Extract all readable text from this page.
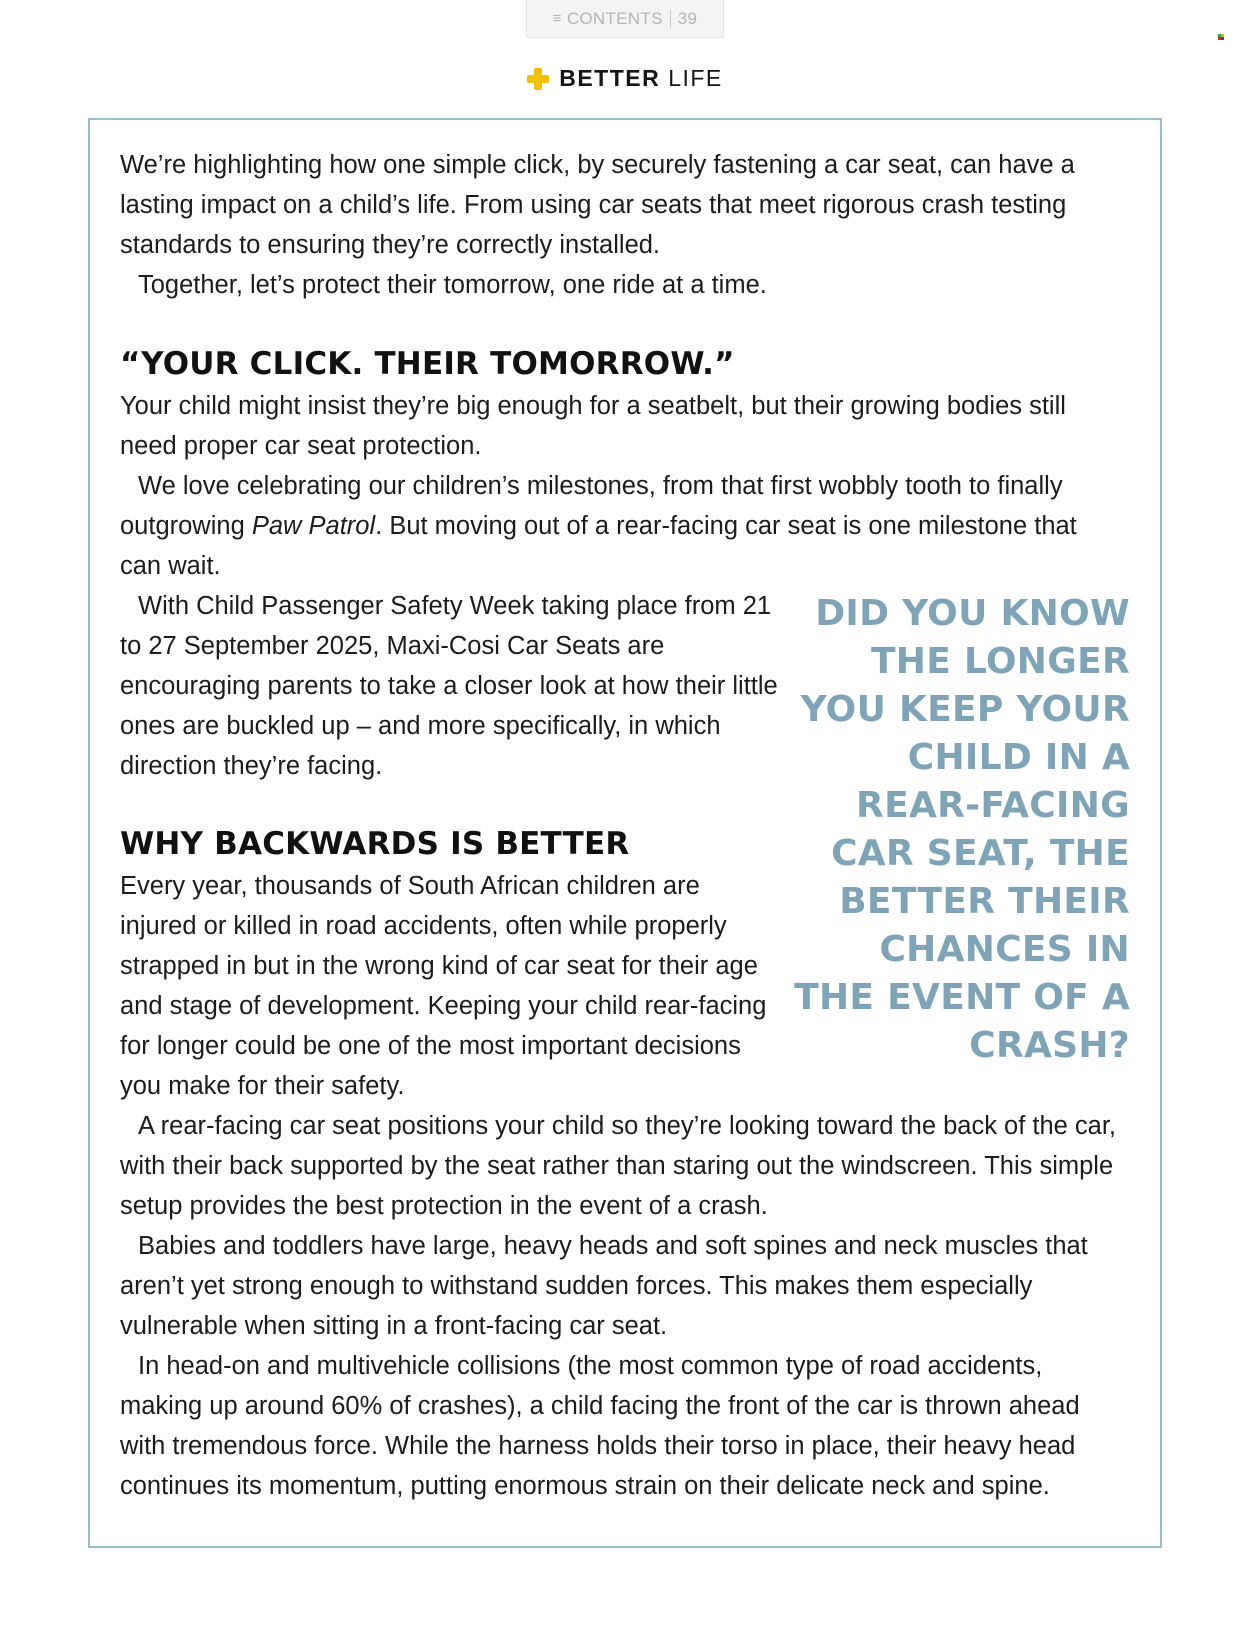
≡ CONTENTS 39
BETTER LIFE

We’re highlighting how one simple click, by securely fastening a car seat, can have a lasting impact on a child’s life. From using car seats that meet rigorous crash testing standards to ensuring they’re correctly installed.

Together, let’s protect their tomorrow, one ride at a time.

“YOUR CLICK. THEIR TOMORROW.”

Your child might insist they’re big enough for a seatbelt, but their growing bodies still need proper car seat protection.

We love celebrating our children’s milestones, from that first wobbly tooth to finally outgrowing Paw Patrol. But moving out of a rear-facing car seat is one milestone that can wait.

With Child Passenger Safety Week taking place from 21 to 27 September 2025, Maxi-Cosi Car Seats are encouraging parents to take a closer look at how their little ones are buckled up – and more specifically, in which direction they’re facing.

WHY BACKWARDS IS BETTER

Every year, thousands of South African children are injured or killed in road accidents, often while properly strapped in but in the wrong kind of car seat for their age and stage of development. Keeping your child rear-facing for longer could be one of the most important decisions you make for their safety.

A rear-facing car seat positions your child so they’re looking toward the back of the car, with their back supported by the seat rather than staring out the windscreen. This simple setup provides the best protection in the event of a crash.

Babies and toddlers have large, heavy heads and soft spines and neck muscles that aren’t yet strong enough to withstand sudden forces. This makes them especially vulnerable when sitting in a front-facing car seat.

In head-on and multivehicle collisions (the most common type of road accidents, making up around 60% of crashes), a child facing the front of the car is thrown ahead with tremendous force. While the harness holds their torso in place, their heavy head continues its momentum, putting enormous strain on their delicate neck and spine.

DID YOU KNOW
THE LONGER
YOU KEEP YOUR
CHILD IN A
REAR-FACING
CAR SEAT, THE
BETTER THEIR
CHANCES IN
THE EVENT OF A
CRASH?
